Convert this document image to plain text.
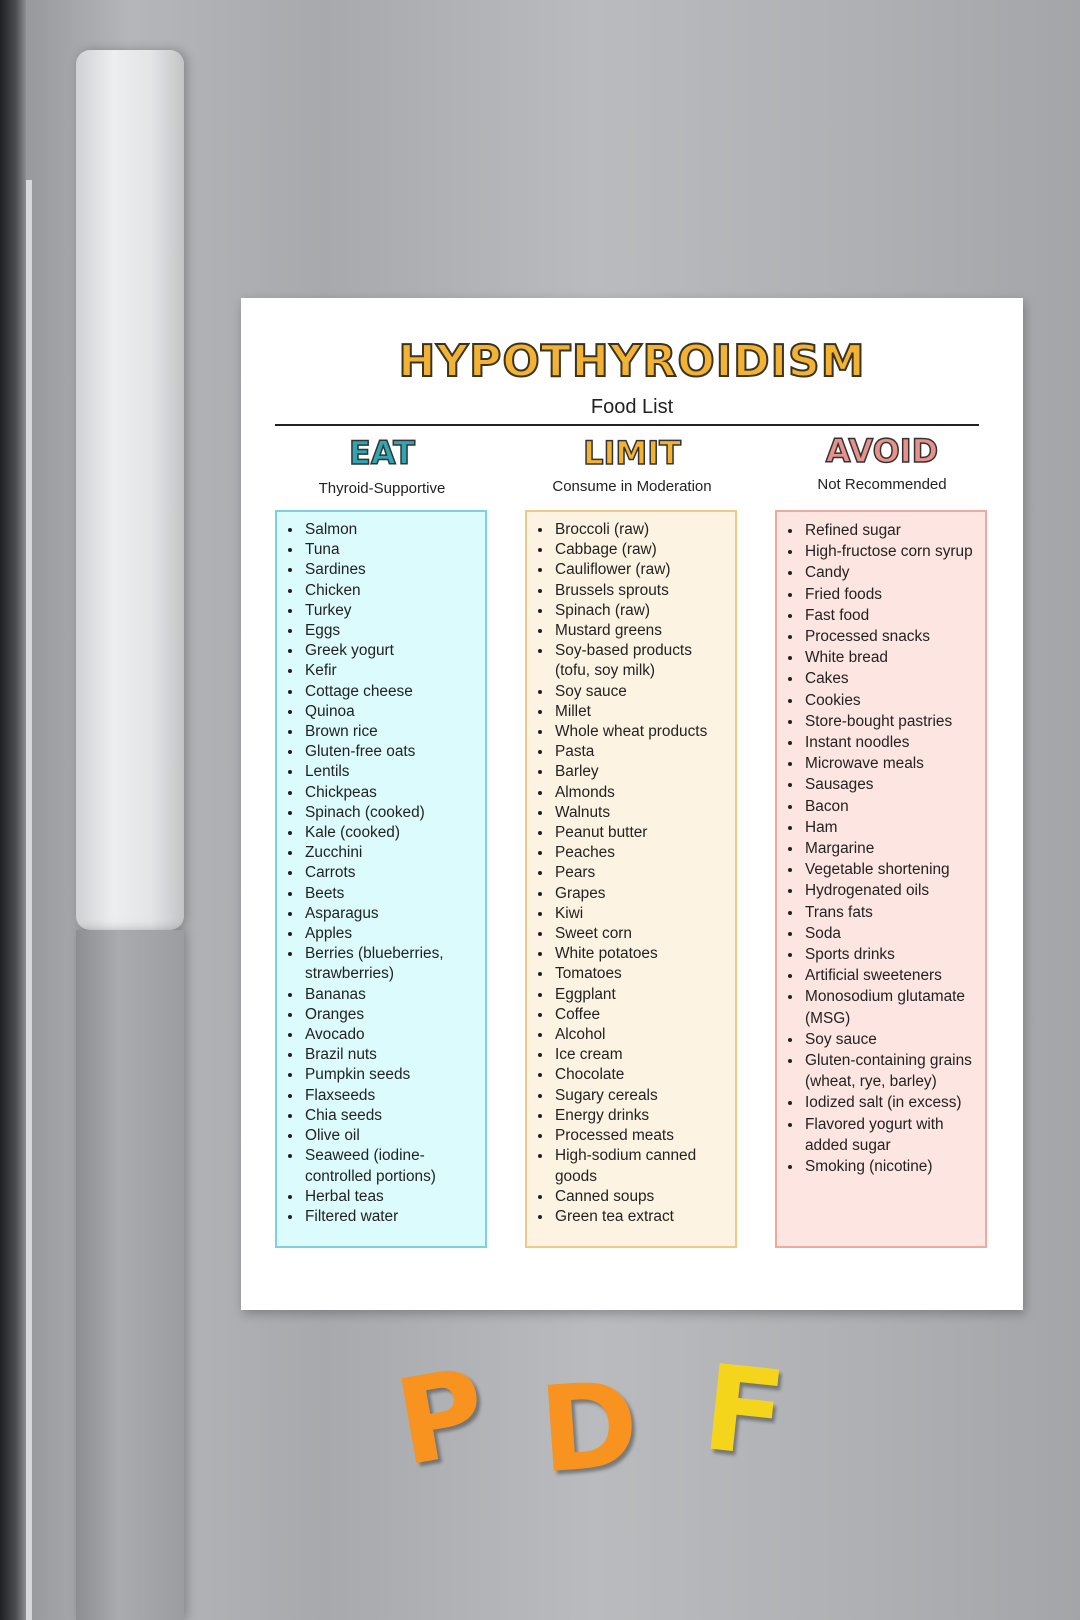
HYPOTHYROIDISM
Food List
EAT
Thyroid-Supportive
LIMIT
Consume in Moderation
AVOID
Not Recommended
• Salmon
• Tuna
• Sardines
• Chicken
• Turkey
• Eggs
• Greek yogurt
• Kefir
• Cottage cheese
• Quinoa
• Brown rice
• Gluten-free oats
• Lentils
• Chickpeas
• Spinach (cooked)
• Kale (cooked)
• Zucchini
• Carrots
• Beets
• Asparagus
• Apples
• Berries (blueberries, strawberries)
• Bananas
• Oranges
• Avocado
• Brazil nuts
• Pumpkin seeds
• Flaxseeds
• Chia seeds
• Olive oil
• Seaweed (iodine-controlled portions)
• Herbal teas
• Filtered water
• Broccoli (raw)
• Cabbage (raw)
• Cauliflower (raw)
• Brussels sprouts
• Spinach (raw)
• Mustard greens
• Soy-based products (tofu, soy milk)
• Soy sauce
• Millet
• Whole wheat products
• Pasta
• Barley
• Almonds
• Walnuts
• Peanut butter
• Peaches
• Pears
• Grapes
• Kiwi
• Sweet corn
• White potatoes
• Tomatoes
• Eggplant
• Coffee
• Alcohol
• Ice cream
• Chocolate
• Sugary cereals
• Energy drinks
• Processed meats
• High-sodium canned goods
• Canned soups
• Green tea extract
• Refined sugar
• High-fructose corn syrup
• Candy
• Fried foods
• Fast food
• Processed snacks
• White bread
• Cakes
• Cookies
• Store-bought pastries
• Instant noodles
• Microwave meals
• Sausages
• Bacon
• Ham
• Margarine
• Vegetable shortening
• Hydrogenated oils
• Trans fats
• Soda
• Sports drinks
• Artificial sweeteners
• Monosodium glutamate (MSG)
• Soy sauce
• Gluten-containing grains (wheat, rye, barley)
• Iodized salt (in excess)
• Flavored yogurt with added sugar
• Smoking (nicotine)
P D F
